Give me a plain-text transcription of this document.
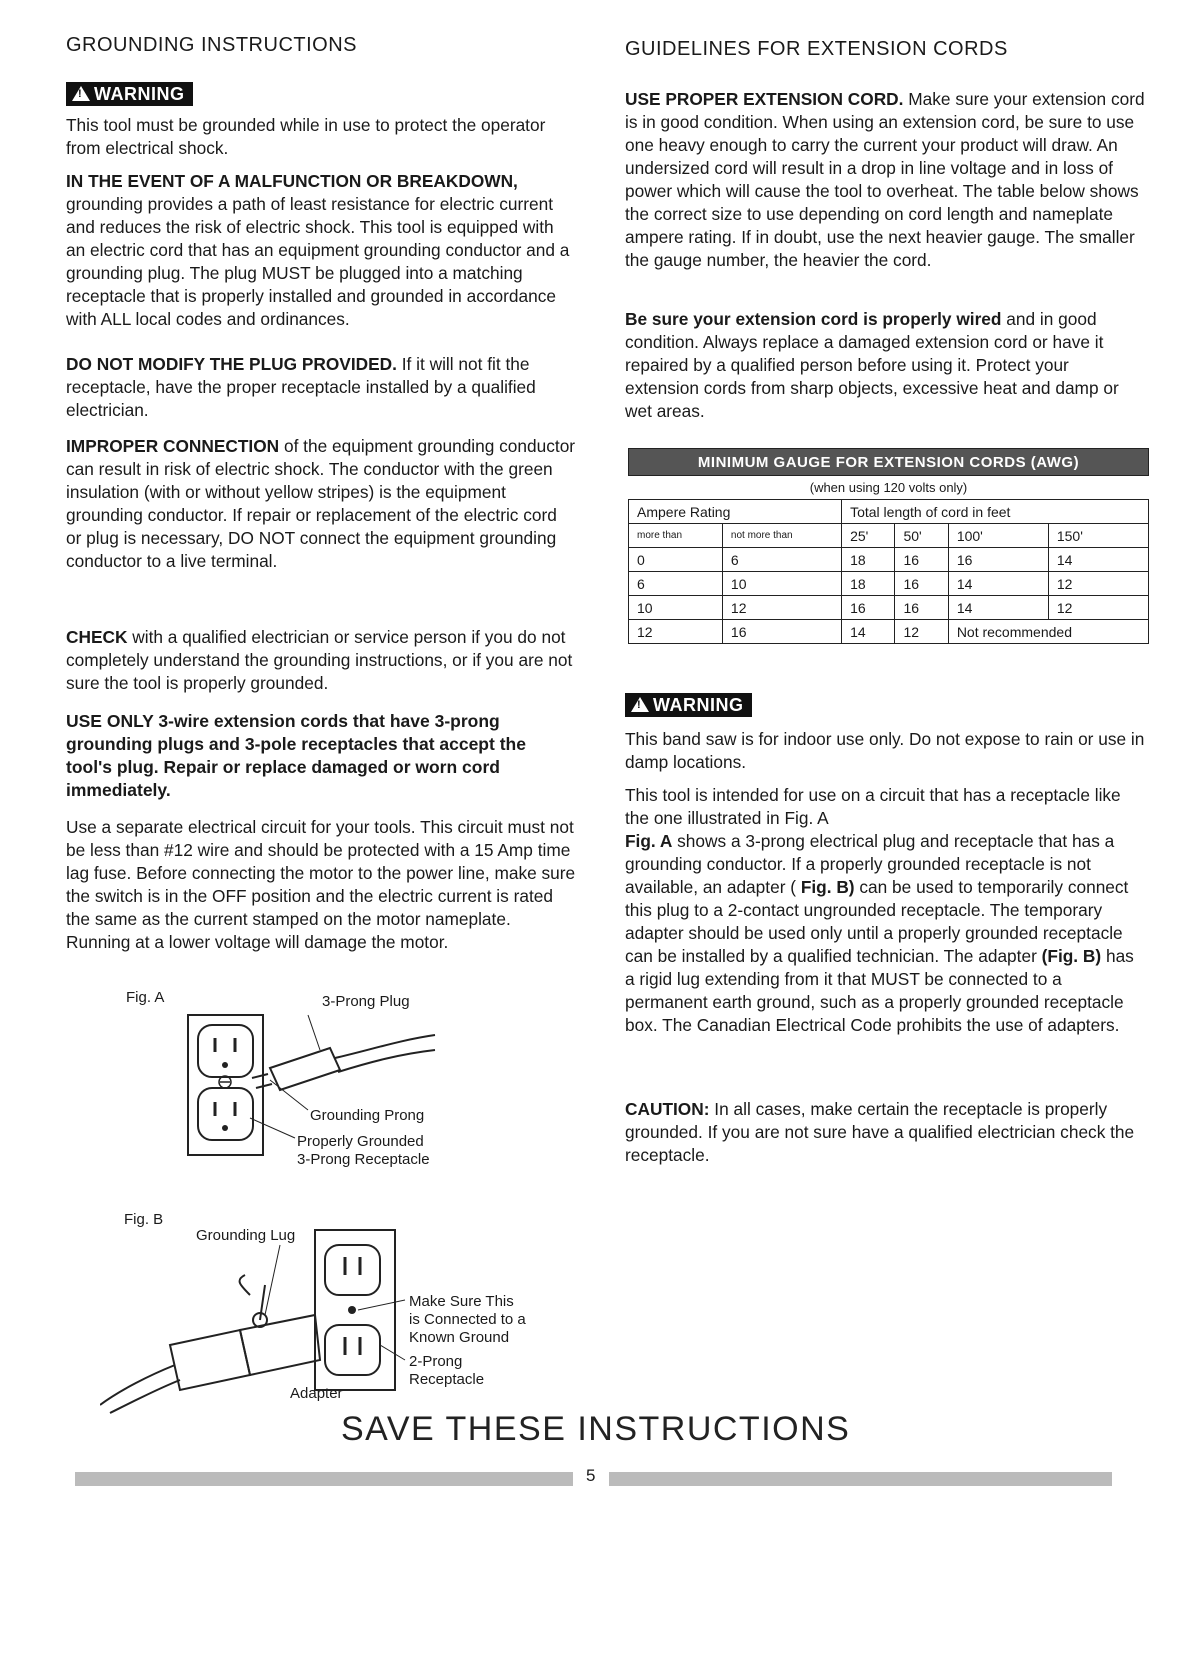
GROUNDING INSTRUCTIONS
!WARNING

This tool must be grounded while in use to protect the operator from electrical shock.

IN THE EVENT OF A MALFUNCTION OR BREAKDOWN, grounding provides a path of least resistance for electric current and reduces the risk of electric shock. This tool is equipped with an electric cord that has an equipment grounding conductor and a grounding plug. The plug MUST be plugged into a matching receptacle that is properly installed and grounded in accordance with ALL local codes and ordinances.

DO NOT MODIFY THE PLUG PROVIDED. If it will not fit the receptacle, have the proper receptacle installed by a qualified electrician.

IMPROPER CONNECTION of the equipment grounding conductor can result in risk of electric shock. The conductor with the green insulation (with or without yellow stripes) is the equipment grounding conductor. If repair or replacement of the electric cord or plug is necessary, DO NOT connect the equipment grounding conductor to a live terminal.

CHECK with a qualified electrician or service person if you do not completely understand the grounding instructions, or if you are not sure the tool is properly grounded.

USE ONLY 3-wire extension cords that have 3-prong grounding plugs and 3-pole receptacles that accept the tool's plug. Repair or replace damaged or worn cord immediately.

Use a separate electrical circuit for your tools. This circuit must not be less than #12 wire and should be protected with a 15 Amp time lag fuse. Before connecting the motor to the power line, make sure the switch is in the OFF position and the electric current is rated the same as the current stamped on the motor nameplate. Running at a lower voltage will damage the motor.

Fig. A	3-Prong Plug
Grounding Prong
Properly Grounded
3-Prong Receptacle
Fig. B
Grounding Lug
Make Sure This
is Connected to a
Known Ground
2-Prong
Receptacle
Adapter
GUIDELINES FOR EXTENSION CORDS

USE PROPER EXTENSION CORD. Make sure your extension cord is in good condition. When using an extension cord, be sure to use one heavy enough to carry the current your product will draw. An undersized cord will result in a drop in line voltage and in loss of power which will cause the tool to overheat. The table below shows the correct size to use depending on cord length and nameplate ampere rating. If in doubt, use the next heavier gauge. The smaller the gauge number, the heavier the cord.

Be sure your extension cord is properly wired and in good condition. Always replace a damaged extension cord or have it repaired by a qualified person before using it. Protect your extension cords from sharp objects, excessive heat and damp or wet areas.

MINIMUM GAUGE FOR EXTENSION CORDS (AWG)					
(when using 120 volts only)					
Ampere Rating		Total length of cord in feet			
more than	not more than	25'	50'	100'	150'
0	6	18	16	16	14
6	10	18	16	14	12
10	12	16	16	14	12
12	16	14	12	Not recommended	
!WARNING

This band saw is for indoor use only. Do not expose to rain or use in damp locations.

This tool is intended for use on a circuit that has a receptacle like the one illustrated in Fig. A

Fig. A shows a 3-prong electrical plug and receptacle that has a grounding conductor. If a properly grounded receptacle is not available, an adapter ( Fig. B) can be used to temporarily connect this plug to a 2-contact ungrounded receptacle. The temporary adapter should be used only until a properly grounded receptacle can be installed by a qualified technician. The adapter (Fig. B) has a rigid lug extending from it that MUST be connected to a permanent earth ground, such as a properly grounded receptacle box. The Canadian Electrical Code prohibits the use of adapters.

CAUTION: In all cases, make certain the receptacle is properly grounded. If you are not sure have a qualified electrician check the receptacle.

SAVE THESE INSTRUCTIONS
5
